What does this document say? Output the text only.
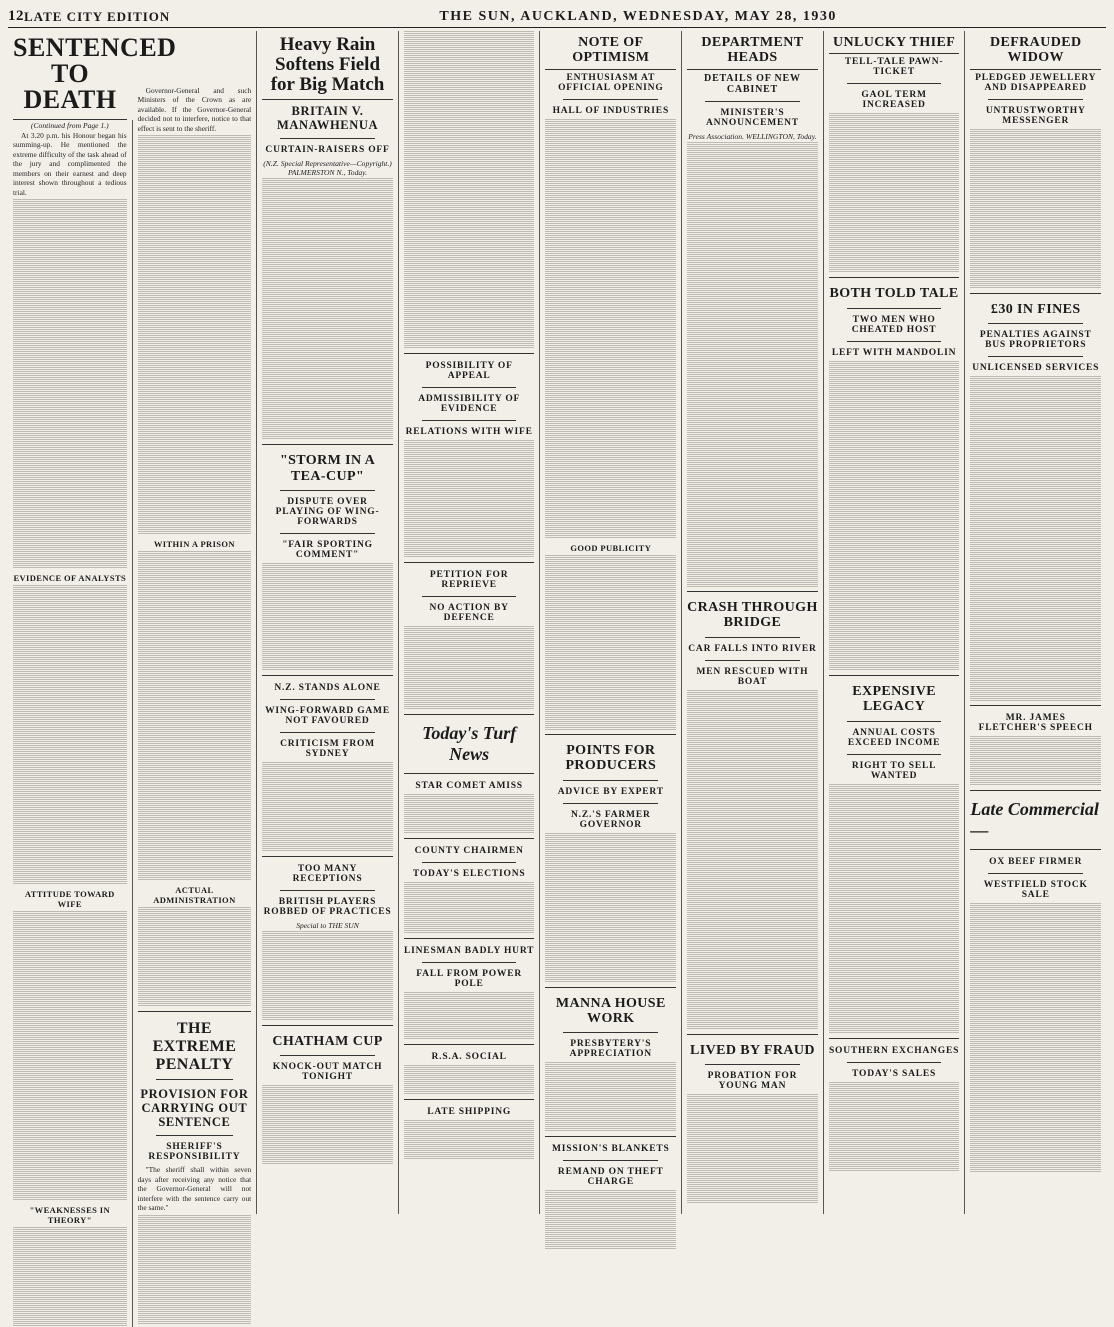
12 LATE CITY EDITION	THE SUN, AUCKLAND, WEDNESDAY, MAY 28, 1930
SENTENCED TO DEATH
(Continued from Page 1.)

At 3.20 p.m. his Honour began his summing-up. He mentioned the extreme difficulty of the task ahead of the jury and complimented the members on their earnest and deep interest shown throughout a tedious trial.

EVIDENCE OF ANALYSTS
ATTITUDE TOWARD WIFE
"WEAKNESSES IN THEORY"

Governor-General and such Ministers of the Crown as are available. If the Governor-General decided not to interfere, notice to that effect is sent to the sheriff.

WITHIN A PRISON
ACTUAL ADMINISTRATION
THE EXTREME PENALTY
PROVISION FOR CARRYING OUT SENTENCE
SHERIFF'S RESPONSIBILITY

"The sheriff shall within seven days after receiving any notice that the Governor-General will not interfere with the sentence carry out the same."

Heavy Rain Softens Field for Big Match
BRITAIN V. MANAWHENUA
CURTAIN-RAISERS OFF
(N.Z. Special Representative—Copyright.) PALMERSTON N., Today.
"STORM IN A TEA-CUP"
DISPUTE OVER PLAYING OF WING-FORWARDS
"FAIR SPORTING COMMENT"
N.Z. STANDS ALONE
WING-FORWARD GAME NOT FAVOURED
CRITICISM FROM SYDNEY
TOO MANY RECEPTIONS
BRITISH PLAYERS ROBBED OF PRACTICES
Special to THE SUN
CHATHAM CUP
KNOCK-OUT MATCH TONIGHT
POSSIBILITY OF APPEAL
ADMISSIBILITY OF EVIDENCE
RELATIONS WITH WIFE
PETITION FOR REPRIEVE
NO ACTION BY DEFENCE
Today's Turf News
STAR COMET AMISS
COUNTY CHAIRMEN
TODAY'S ELECTIONS
LINESMAN BADLY HURT
FALL FROM POWER POLE
R.S.A. SOCIAL
LATE SHIPPING
NOTE OF OPTIMISM
ENTHUSIASM AT OFFICIAL OPENING
HALL OF INDUSTRIES
GOOD PUBLICITY
POINTS FOR PRODUCERS
ADVICE BY EXPERT
N.Z.'S FARMER GOVERNOR
MANNA HOUSE WORK
PRESBYTERY'S APPRECIATION
MISSION'S BLANKETS
REMAND ON THEFT CHARGE
DEPARTMENT HEADS
DETAILS OF NEW CABINET
MINISTER'S ANNOUNCEMENT
Press Association. WELLINGTON, Today.
CRASH THROUGH BRIDGE
CAR FALLS INTO RIVER
MEN RESCUED WITH BOAT
LIVED BY FRAUD
PROBATION FOR YOUNG MAN
UNLUCKY THIEF
TELL-TALE PAWN-TICKET
GAOL TERM INCREASED
BOTH TOLD TALE
TWO MEN WHO CHEATED HOST
LEFT WITH MANDOLIN
EXPENSIVE LEGACY
ANNUAL COSTS EXCEED INCOME
RIGHT TO SELL WANTED
SOUTHERN EXCHANGES
TODAY'S SALES
DEFRAUDED WIDOW
PLEDGED JEWELLERY AND DISAPPEARED
UNTRUSTWORTHY MESSENGER
£30 IN FINES
PENALTIES AGAINST BUS PROPRIETORS
UNLICENSED SERVICES
MR. JAMES FLETCHER'S SPEECH
Late Commercial—
OX BEEF FIRMER
WESTFIELD STOCK SALE
